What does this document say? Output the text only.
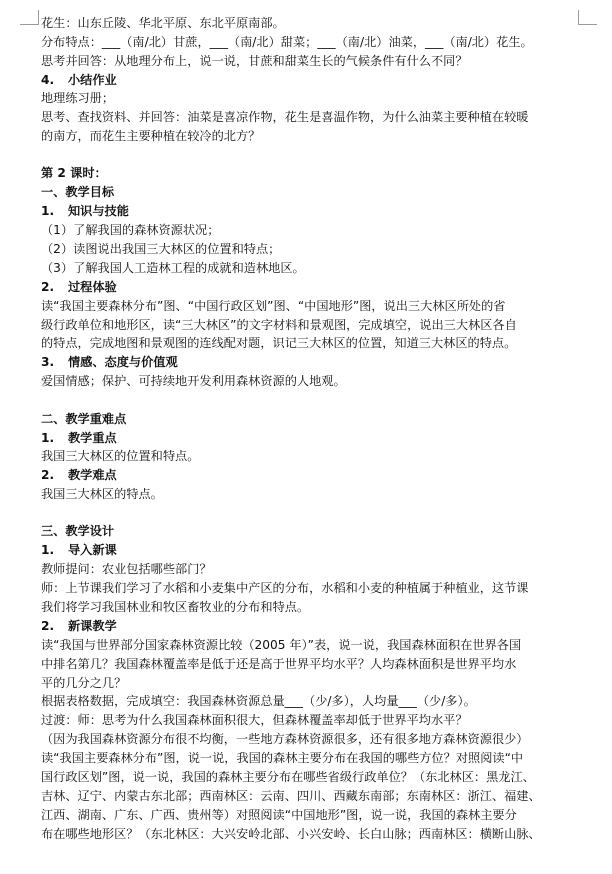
花生：山东丘陵、华北平原、东北平原南部。
分布特点：___（南/北）甘蔗，___（南/北）甜菜；___（南/北）油菜，___（南/北）花生。
思考并回答：从地理分布上，说一说，甘蔗和甜菜生长的气候条件有什么不同？
4. 小结作业
地理练习册；
思考、查找资料、并回答：油菜是喜凉作物，花生是喜温作物，为什么油菜主要种植在较暖
的南方，而花生主要种植在较冷的北方？
第 2 课时：
一、教学目标
1. 知识与技能
（1）了解我国的森林资源状况；
（2）读图说出我国三大林区的位置和特点；
（3）了解我国人工造林工程的成就和造林地区。
2. 过程体验
读“我国主要森林分布”图、“中国行政区划”图、“中国地形”图，说出三大林区所处的省
级行政单位和地形区，读“三大林区”的文字材料和景观图，完成填空，说出三大林区各自
的特点，完成地图和景观图的连线配对题，识记三大林区的位置，知道三大林区的特点。
3. 情感、态度与价值观
爱国情感；保护、可持续地开发利用森林资源的人地观。
二、教学重难点
1. 教学重点
我国三大林区的位置和特点。
2. 教学难点
我国三大林区的特点。
三、教学设计
1. 导入新课
教师提问：农业包括哪些部门？
师：上节课我们学习了水稻和小麦集中产区的分布，水稻和小麦的种植属于种植业，这节课
我们将学习我国林业和牧区畜牧业的分布和特点。
2. 新课教学
读“我国与世界部分国家森林资源比较（2005 年）”表，说一说，我国森林面积在世界各国
中排名第几？我国森林覆盖率是低于还是高于世界平均水平？人均森林面积是世界平均水
平的几分之几？
根据表格数据，完成填空：我国森林资源总量___（少/多），人均量___（少/多）。
过渡：师：思考为什么我国森林面积很大，但森林覆盖率却低于世界平均水平？
（因为我国森林资源分布很不均衡，一些地方森林资源很多，还有很多地方森林资源很少）
读“我国主要森林分布”图，说一说，我国的森林主要分布在我国的哪些方位？对照阅读“中
国行政区划”图，说一说，我国的森林主要分布在哪些省级行政单位？（东北林区：黑龙江、
吉林、辽宁、内蒙古东北部；西南林区：云南、四川、西藏东南部；东南林区：浙江、福建、
江西、湖南、广东、广西、贵州等）对照阅读“中国地形”图，说一说，我国的森林主要分
布在哪些地形区？（东北林区：大兴安岭北部、小兴安岭、长白山脉；西南林区：横断山脉、
